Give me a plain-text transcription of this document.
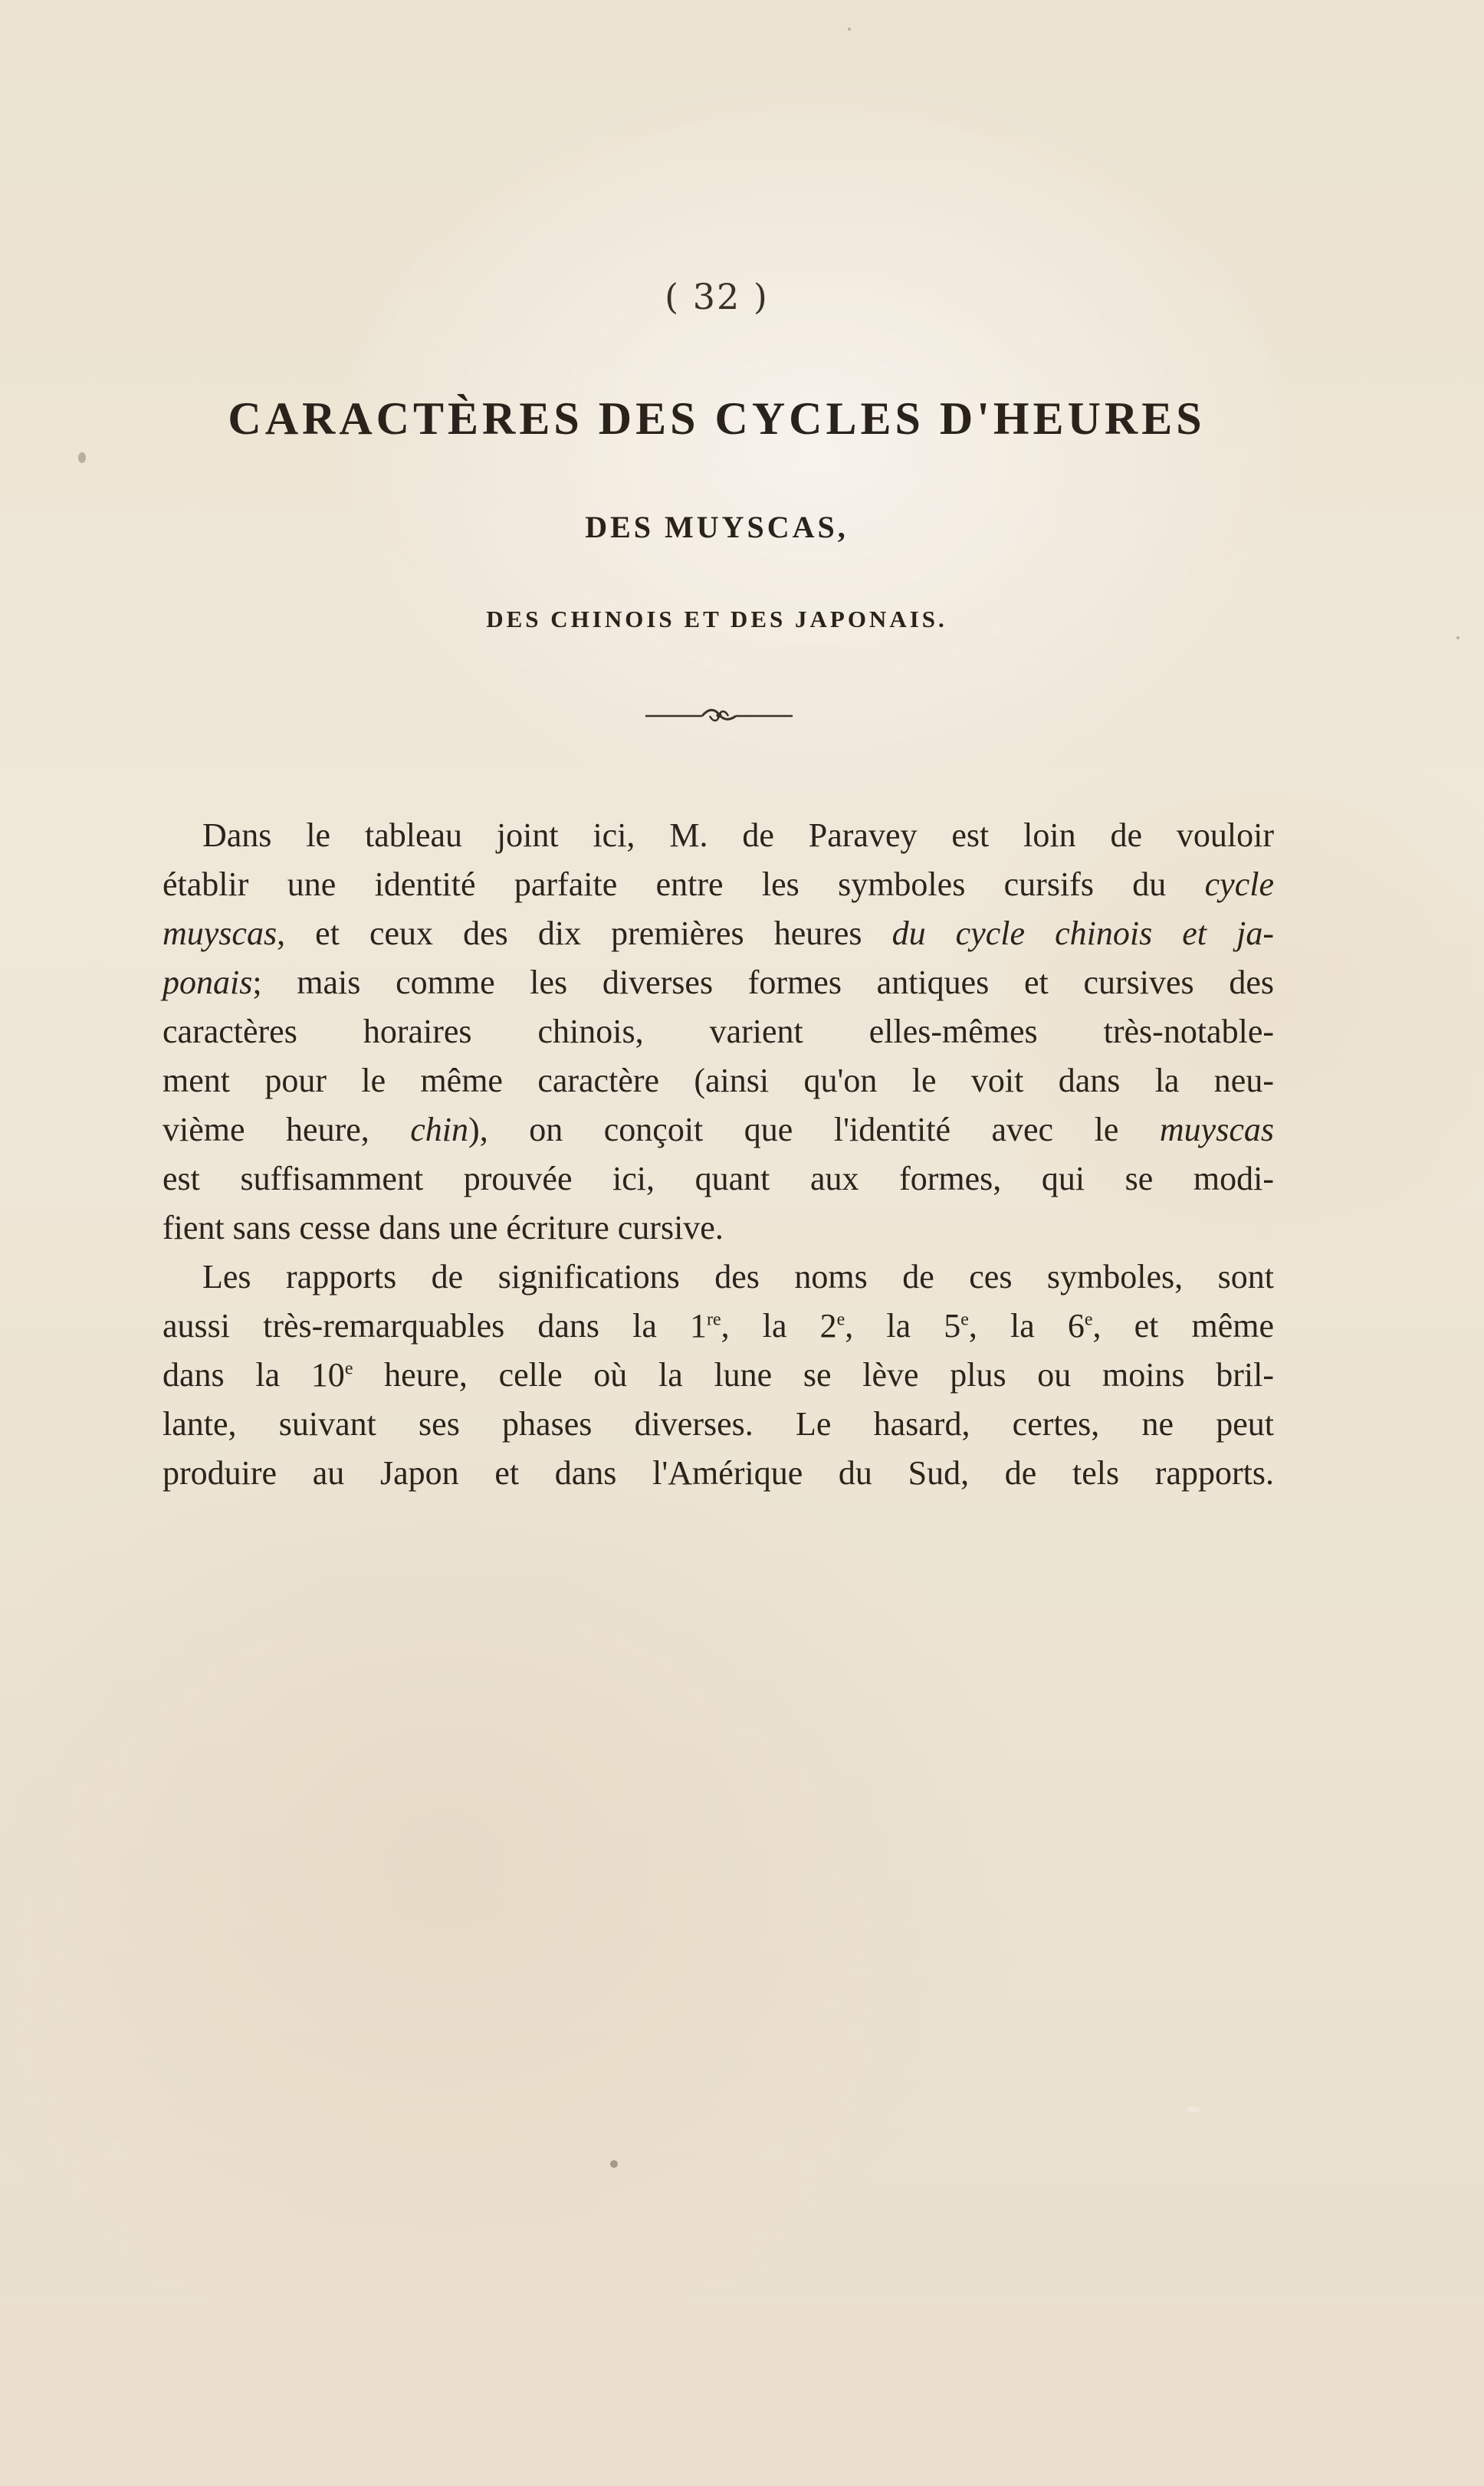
( 32 )
CARACTÈRES DES CYCLES D'HEURES
DES MUYSCAS,
DES CHINOIS ET DES JAPONAIS.
Dans le tableau joint ici, M. de Paravey est loin de vouloir
établir une identité parfaite entre les symboles cursifs du cycle
muyscas, et ceux des dix premières heures du cycle chinois et ja-
ponais; mais comme les diverses formes antiques et cursives des
caractères horaires chinois, varient elles-mêmes très-notable-
ment pour le même caractère (ainsi qu'on le voit dans la neu-
vième heure, chin), on conçoit que l'identité avec le muyscas
est suffisamment prouvée ici, quant aux formes, qui se modi-
fient sans cesse dans une écriture cursive.
Les rapports de significations des noms de ces symboles, sont
aussi très-remarquables dans la 1re, la 2e, la 5e, la 6e, et même
dans la 10e heure, celle où la lune se lève plus ou moins bril-
lante, suivant ses phases diverses. Le hasard, certes, ne peut
produire au Japon et dans l'Amérique du Sud, de tels rapports.
